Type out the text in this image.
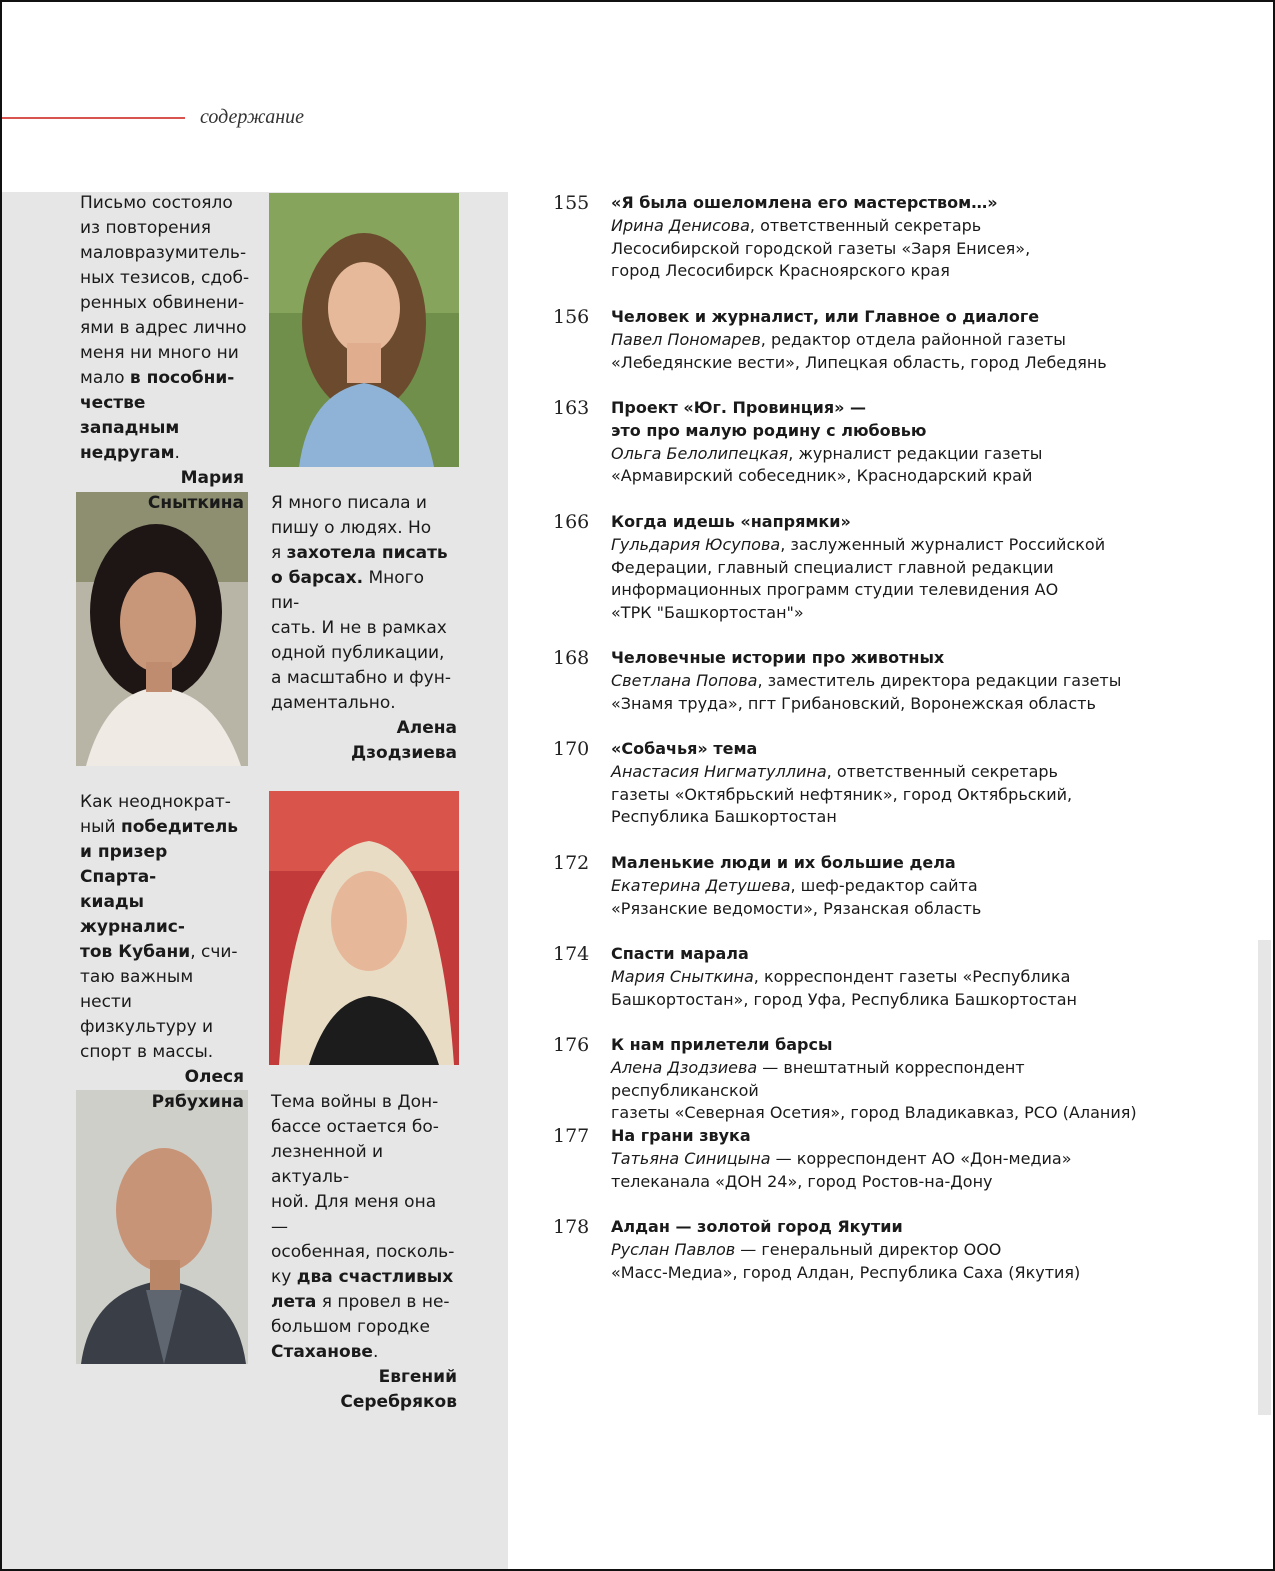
содержание
Письмо состояло
из повторения
маловразумитель-
ных тезисов, сдоб-
ренных обвинени-
ями в адрес лично
меня ни много ни
мало в пособни-
честве западным
недругам.

Мария Сныткина	Я много писала и
пишу о людях. Но
я захотела писать
о барсах. Много пи-
сать. И не в рамках
одной публикации,
а масштабно и фун-
даментально.

Алена
Дзодзиева
Как неоднократ-
ный победитель
и призер Спарта-
киады журналис-
тов Кубани, счи-
таю важным нести
физкультуру и
спорт в массы.

Олеся
Рябухина Тема войны в Дон-
бассе остается бо-
лезненной и актуаль-
ной. Для меня она —
особенная, посколь-
ку два счастливых
лета я провел в не-
большом городке
Стаханове.

Евгений
Серебряков
155 «Я была ошеломлена его мастерством…»
Ирина Денисова, ответственный секретарь
Лесосибирской городской газеты «Заря Енисея»,
город Лесосибирск Красноярского края
156 Человек и журналист, или Главное о диалоге
Павел Пономарев, редактор отдела районной газеты
«Лебедянские вести», Липецкая область, город Лебедянь
163 Проект «Юг. Провинция» —
это про малую родину с любовью
Ольга Белолипецкая, журналист редакции газеты
«Армавирский собеседник», Краснодарский край
166 Когда идешь «напрямки»
Гульдария Юсупова, заслуженный журналист Российской
Федерации, главный специалист главной редакции
информационных программ студии телевидения АО
«ТРК "Башкортостан"»
168 Человечные истории про животных
Светлана Попова, заместитель директора редакции газеты
«Знамя труда», пгт Грибановский, Воронежская область
170 «Собачья» тема
Анастасия Нигматуллина, ответственный секретарь
газеты «Октябрьский нефтяник», город Октябрьский,
Республика Башкортостан
172 Маленькие люди и их большие дела
Екатерина Детушева, шеф-редактор сайта
«Рязанские ведомости», Рязанская область
174 Спасти марала
Мария Сныткина, корреспондент газеты «Республика
Башкортостан», город Уфа, Республика Башкортостан
176 К нам прилетели барсы
Алена Дзодзиева — внештатный корреспондент республиканской
газеты «Северная Осетия», город Владикавказ, РСО (Алания)
177 На грани звука
Татьяна Синицына — корреспондент АО «Дон-медиа»
телеканала «ДОН 24», город Ростов-на-Дону
178 Алдан — золотой город Якутии
Руслан Павлов — генеральный директор ООО
«Масс-Медиа», город Алдан, Республика Саха (Якутия)
